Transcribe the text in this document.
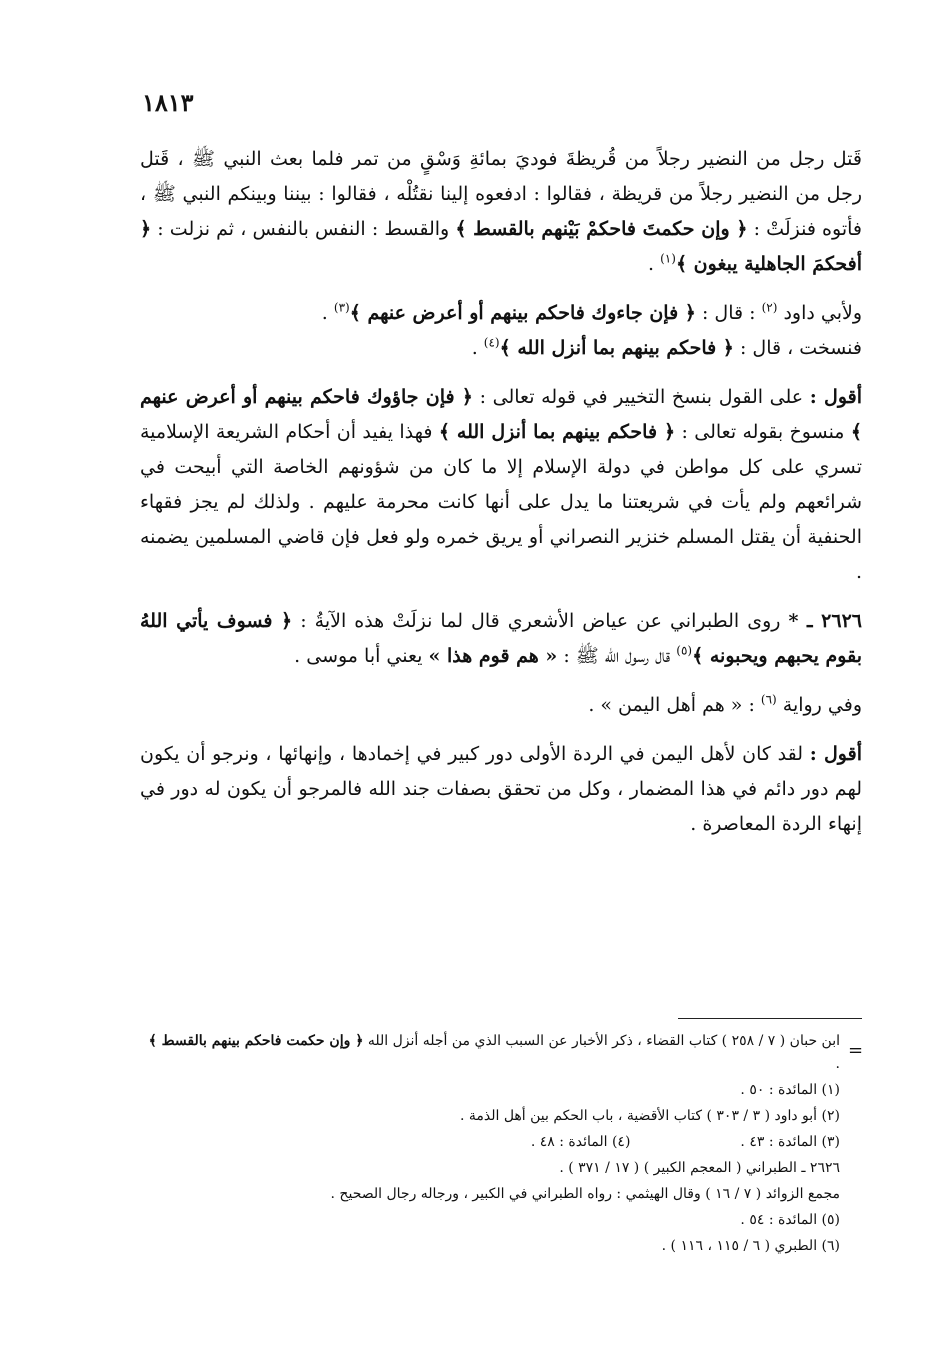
١٨١٣

قَتل رجل من النضير رجلاً من قُريظةَ فوديَ بمائةِ وَسْقٍ من تمر فلما بعث النبي ﷺ ، قَتل رجل من النضير رجلاً من قريظة ، فقالوا : ادفعوه إلينا نقتُلْه ، فقالوا : بيننا وبينكم النبي ﷺ ، فأتوه فنزلَتْ : ﴿ وإن حكمتَ فاحكمْ بَيْنهم بالقسط ﴾ والقسط : النفس بالنفس ، ثم نزلت : ﴿ أفحكمَ الجاهلية يبغون ﴾$^{(١)}$ .

ولأبي داود $^{(٢)}$ : قال : ﴿ فإن جاءوك فاحكم بينهم أو أعرض عنهم ﴾$^{(٣)}$ .

فنسخت ، قال : ﴿ فاحكم بينهم بما أنزل الله ﴾$^{(٤)}$ .

أقول : على القول بنسخ التخيير في قوله تعالى : ﴿ فإن جاؤوك فاحكم بينهم أو أعرض عنهم ﴾ منسوخ بقوله تعالى : ﴿ فاحكم بينهم بما أنزل الله ﴾ فهذا يفيد أن أحكام الشريعة الإسلامية تسري على كل مواطن في دولة الإسلام إلا ما كان من شؤونهم الخاصة التي أبيحت في شرائعهم ولم يأت في شريعتنا ما يدل على أنها كانت محرمة عليهم . ولذلك لم يجز فقهاء الحنفية أن يقتل المسلم خنزير النصراني أو يريق خمره ولو فعل فإن قاضي المسلمين يضمنه .

٢٦٢٦ ـ * روى الطبراني عن عياض الأشعري قال لما نزلَتْ هذه الآيةُ : ﴿ فسوف يأتي اللهُ بقوم يحبهم ويحبونه ﴾$^{(٥)}$ قال رسول الله ﷺ : « هم قوم هذا » يعني أبا موسى .

وفي رواية $^{(٦)}$ : « هم أهل اليمن » .

أقول : لقد كان لأهل اليمن في الردة الأولى دور كبير في إخمادها ، وإنهائها ، ونرجو أن يكون لهم دور دائم في هذا المضمار ، وكل من تحقق بصفات جند الله فالمرجو أن يكون له دور في إنهاء الردة المعاصرة .

=

ابن حبان ( ٧ / ٢٥٨ ) كتاب القضاء ، ذكر الأخبار عن السبب الذي من أجله أنزل الله ﴿ وإن حكمت فاحكم بينهم بالقسط ﴾ .

(١) المائدة : ٥٠ .

(٢) أبو داود ( ٣ / ٣٠٣ ) كتاب الأقضية ، باب الحكم بين أهل الذمة .

(٣) المائدة : ٤٣ .

(٤) المائدة : ٤٨ .

٢٦٢٦ ـ الطبراني ( المعجم الكبير ) ( ١٧ / ٣٧١ ) .

مجمع الزوائد ( ٧ / ١٦ ) وقال الهيثمي : رواه الطبراني في الكبير ، ورجاله رجال الصحيح .

(٥) المائدة : ٥٤ .

(٦) الطبري ( ٦ / ١١٥ ، ١١٦ ) .
